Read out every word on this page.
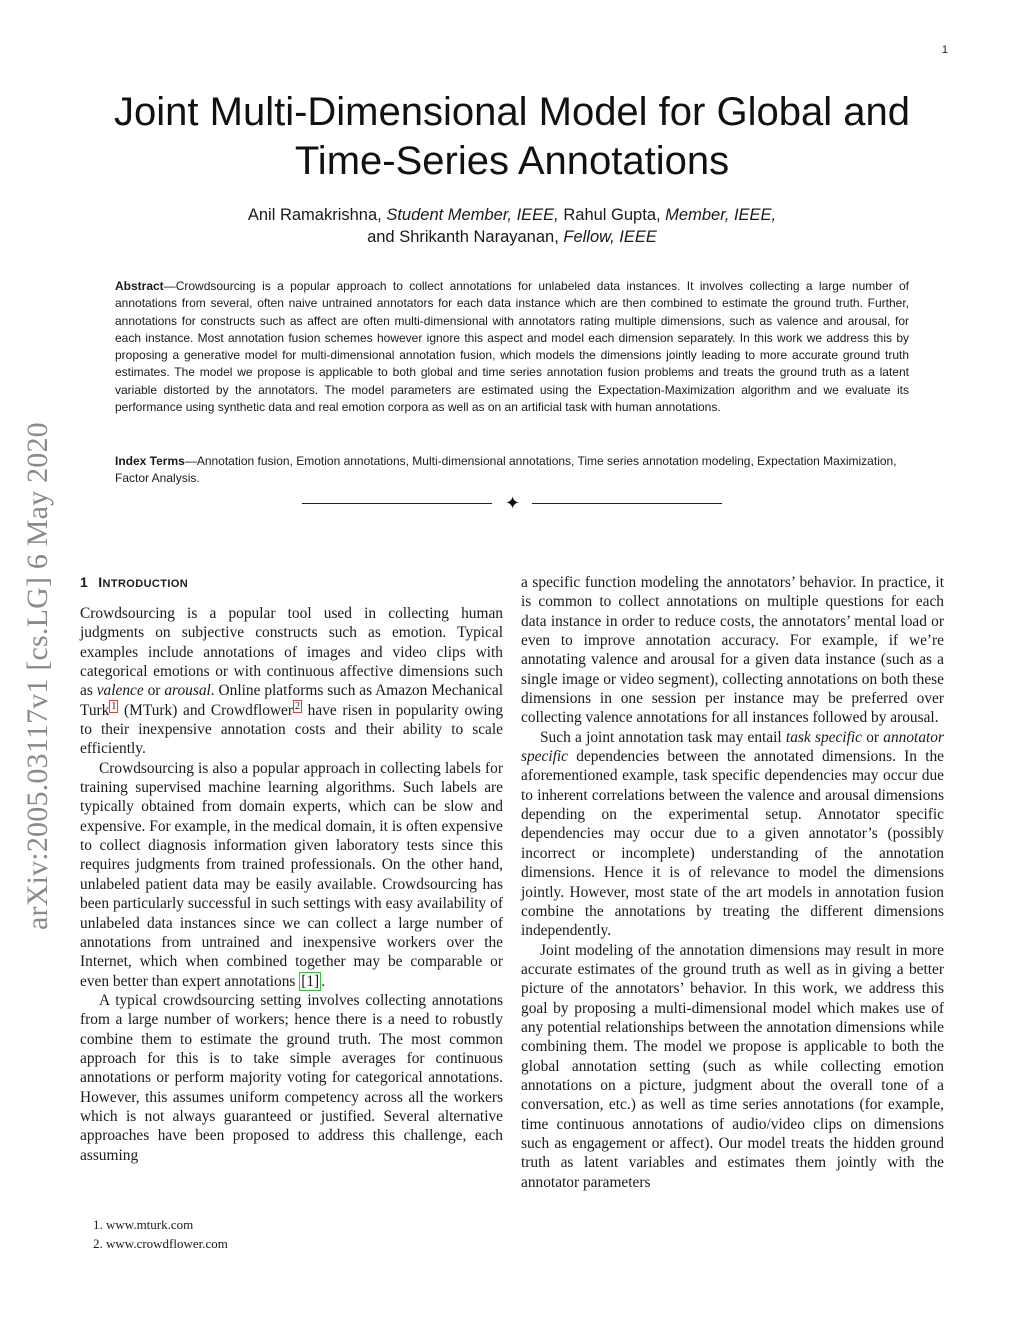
1
arXiv:2005.03117v1 [cs.LG] 6 May 2020
Joint Multi-Dimensional Model for Global and
Time-Series Annotations
Anil Ramakrishna, Student Member, IEEE, Rahul Gupta, Member, IEEE,
and Shrikanth Narayanan, Fellow, IEEE
Abstract—Crowdsourcing is a popular approach to collect annotations for unlabeled data instances. It involves collecting a large number of annotations from several, often naive untrained annotators for each data instance which are then combined to estimate the ground truth. Further, annotations for constructs such as affect are often multi-dimensional with annotators rating multiple dimensions, such as valence and arousal, for each instance. Most annotation fusion schemes however ignore this aspect and model each dimension separately. In this work we address this by proposing a generative model for multi-dimensional annotation fusion, which models the dimensions jointly leading to more accurate ground truth estimates. The model we propose is applicable to both global and time series annotation fusion problems and treats the ground truth as a latent variable distorted by the annotators. The model parameters are estimated using the Expectation-Maximization algorithm and we evaluate its performance using synthetic data and real emotion corpora as well as on an artificial task with human annotations.
Index Terms—Annotation fusion, Emotion annotations, Multi-dimensional annotations, Time series annotation modeling, Expectation Maximization, Factor Analysis.
✦
1 INTRODUCTION

Crowdsourcing is a popular tool used in collecting human judgments on subjective constructs such as emotion. Typical examples include annotations of images and video clips with categorical emotions or with continuous affective dimensions such as valence or arousal. Online platforms such as Amazon Mechanical Turk $^1$ (MTurk) and Crowdflower $^2$ have risen in popularity owing to their inexpensive annotation costs and their ability to scale efficiently.

Crowdsourcing is also a popular approach in collecting labels for training supervised machine learning algorithms. Such labels are typically obtained from domain experts, which can be slow and expensive. For example, in the medical domain, it is often expensive to collect diagnosis information given laboratory tests since this requires judgments from trained professionals. On the other hand, unlabeled patient data may be easily available. Crowdsourcing has been particularly successful in such settings with easy availability of unlabeled data instances since we can collect a large number of annotations from untrained and inexpensive workers over the Internet, which when combined together may be comparable or even better than expert annotations [1] .

A typical crowdsourcing setting involves collecting annotations from a large number of workers; hence there is a need to robustly combine them to estimate the ground truth. The most common approach for this is to take simple averages for continuous annotations or perform majority voting for categorical annotations. However, this assumes uniform competency across all the workers which is not always guaranteed or justified. Several alternative approaches have been proposed to address this challenge, each assuming

1. www.mturk.com
2. www.crowdflower.com

a specific function modeling the annotators’ behavior. In practice, it is common to collect annotations on multiple questions for each data instance in order to reduce costs, the annotators’ mental load or even to improve annotation accuracy. For example, if we’re annotating valence and arousal for a given data instance (such as a single image or video segment), collecting annotations on both these dimensions in one session per instance may be preferred over collecting valence annotations for all instances followed by arousal.

Such a joint annotation task may entail task specific or annotator specific dependencies between the annotated dimensions. In the aforementioned example, task specific dependencies may occur due to inherent correlations between the valence and arousal dimensions depending on the experimental setup. Annotator specific dependencies may occur due to a given annotator’s (possibly incorrect or incomplete) understanding of the annotation dimensions. Hence it is of relevance to model the dimensions jointly. However, most state of the art models in annotation fusion combine the annotations by treating the different dimensions independently.

Joint modeling of the annotation dimensions may result in more accurate estimates of the ground truth as well as in giving a better picture of the annotators’ behavior. In this work, we address this goal by proposing a multi-dimensional model which makes use of any potential relationships between the annotation dimensions while combining them. The model we propose is applicable to both the global annotation setting (such as while collecting emotion annotations on a picture, judgment about the overall tone of a conversation, etc.) as well as time series annotations (for example, time continuous annotations of audio/video clips on dimensions such as engagement or affect). Our model treats the hidden ground truth as latent variables and estimates them jointly with the annotator parameters
